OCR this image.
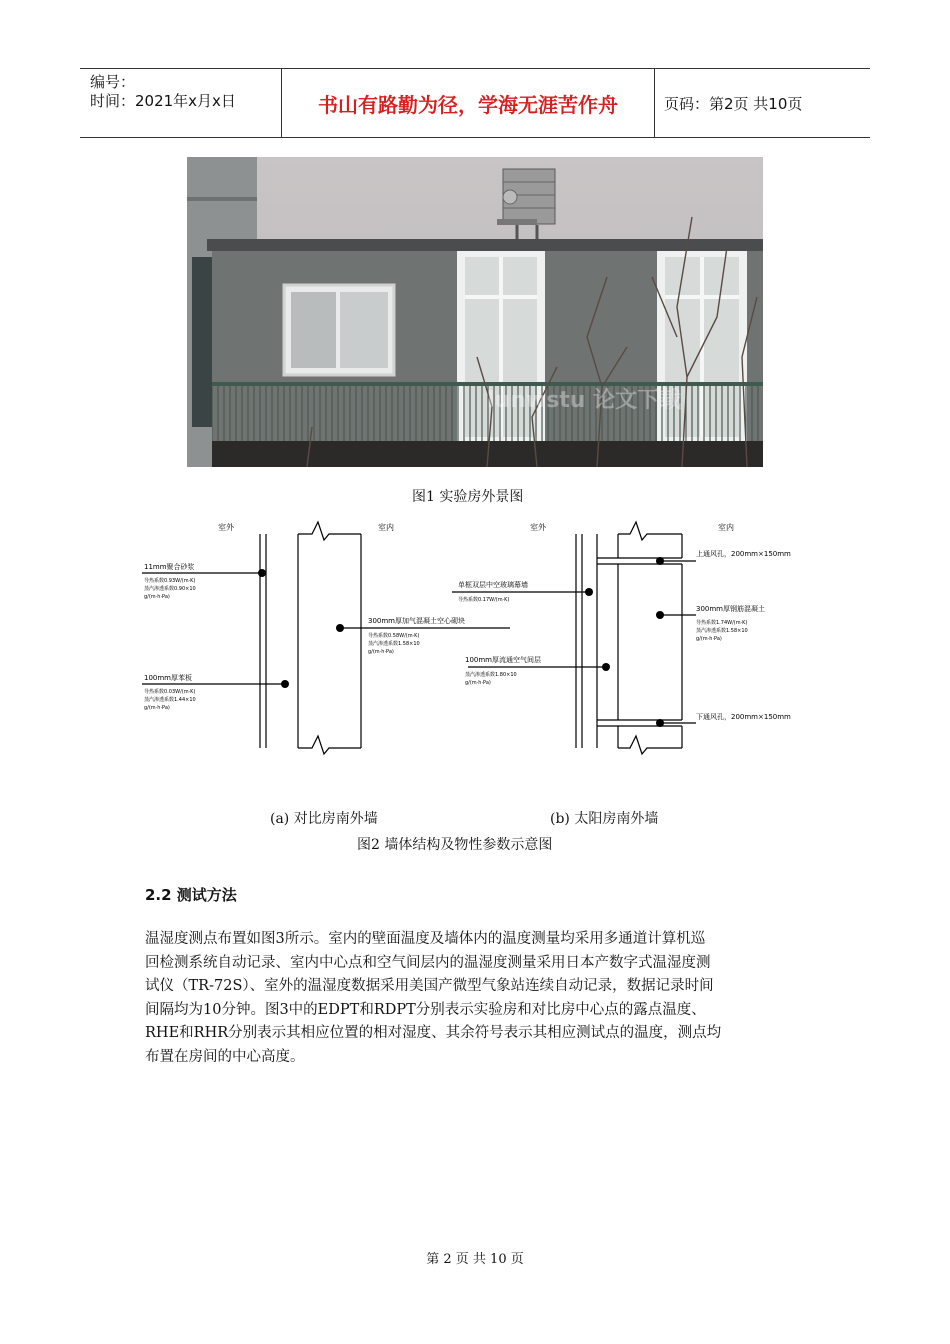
编号：
时间：2021年x月x日	书山有路勤为径，学海无涯苦作舟	页码：第2页 共10页
lunwstu 论文下载
图1 实验房外景图
室外	室内
11mm聚合砂浆
导热系数0.93W/(m·K)
蒸汽渗透系数0.90×10
g/(m·h·Pa)
300mm厚加气混凝土空心砌块
导热系数0.58W/(m·K)
蒸汽渗透系数1.58×10
g/(m·h·Pa)
100mm厚苯板
导热系数0.03W/(m·K)
蒸汽渗透系数1.44×10
g/(m·h·Pa)
室外	室内
上通风孔，200mm×150mm
单框双层中空玻璃幕墙
导热系数0.17W/(m·K)
300mm厚钢筋混凝土
导热系数1.74W/(m·K)
蒸汽渗透系数1.58×10
g/(m·h·Pa)
100mm厚流通空气间层
蒸汽渗透系数1.80×10
g/(m·h·Pa)
下通风孔，200mm×150mm
(a) 对比房南外墙	(b) 太阳房南外墙
图2 墙体结构及物性参数示意图
2.2 测试方法
温湿度测点布置如图3所示。室内的壁面温度及墙体内的温度测量均采用多通道计算机巡
回检测系统自动记录、室内中心点和空气间层内的温湿度测量采用日本产数字式温湿度测
试仪（TR-72S）、室外的温湿度数据采用美国产微型气象站连续自动记录，数据记录时间
间隔均为10分钟。图3中的EDPT和RDPT分别表示实验房和对比房中心点的露点温度、
RHE和RHR分别表示其相应位置的相对湿度、其余符号表示其相应测试点的温度，测点均
布置在房间的中心高度。
第 2 页 共 10 页
